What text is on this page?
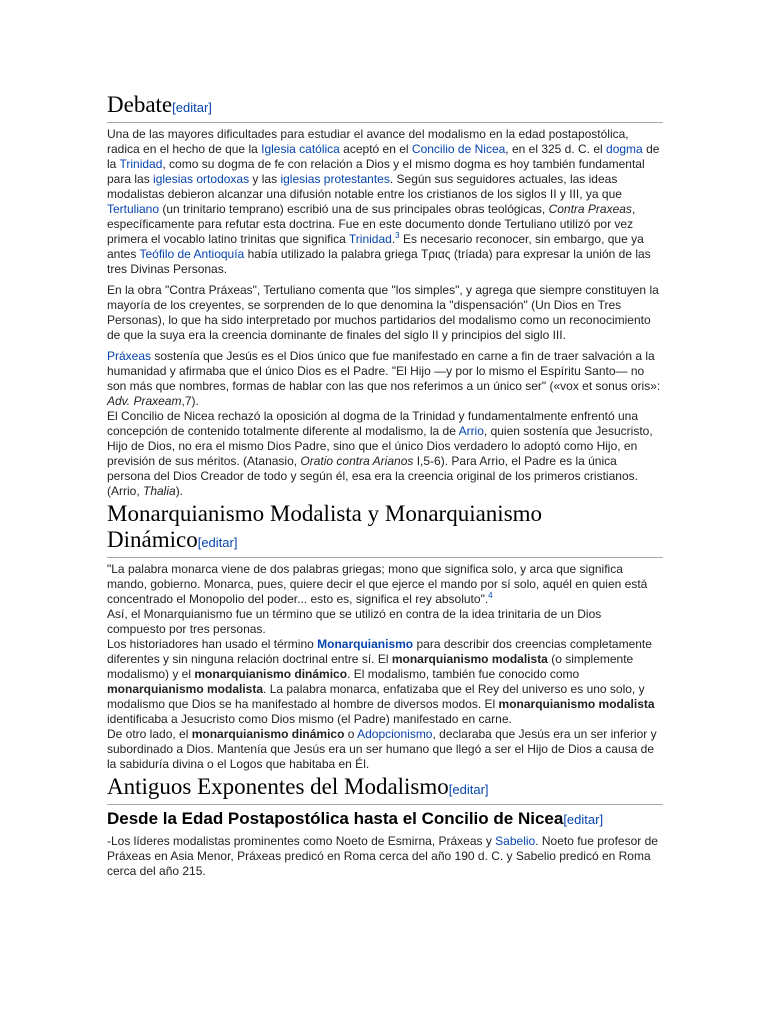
Debate[editar]

Una de las mayores dificultades para estudiar el avance del modalismo en la edad postapostólica, radica en el hecho de que la Iglesia católica aceptó en el Concilio de Nicea, en el 325 d. C. el dogma de la Trinidad, como su dogma de fe con relación a Dios y el mismo dogma es hoy también fundamental para las iglesias ortodoxas y las iglesias protestantes. Según sus seguidores actuales, las ideas modalistas debieron alcanzar una difusión notable entre los cristianos de los siglos II y III, ya que Tertuliano (un trinitario temprano) escribió una de sus principales obras teológicas, Contra Praxeas, específicamente para refutar esta doctrina. Fue en este documento donde Tertuliano utilizó por vez primera el vocablo latino trinitas que significa Trinidad.$^3$ Es necesario reconocer, sin embargo, que ya antes Teófilo de Antioquía había utilizado la palabra griega Τριας (tríada) para expresar la unión de las tres Divinas Personas.

En la obra "Contra Práxeas", Tertuliano comenta que "los simples", y agrega que siempre constituyen la mayoría de los creyentes, se sorprenden de lo que denomina la "dispensación" (Un Dios en Tres Personas), lo que ha sido interpretado por muchos partidarios del modalismo como un reconocimiento de que la suya era la creencia dominante de finales del siglo II y principios del siglo III.

Práxeas sostenía que Jesús es el Dios único que fue manifestado en carne a fin de traer salvación a la humanidad y afirmaba que el único Dios es el Padre. "El Hijo —y por lo mismo el Espíritu Santo— no son más que nombres, formas de hablar con las que nos referimos a un único ser" («vox et sonus oris»: Adv. Praxeam,7).

El Concilio de Nicea rechazó la oposición al dogma de la Trinidad y fundamentalmente enfrentó una concepción de contenido totalmente diferente al modalismo, la de Arrio, quien sostenía que Jesucristo, Hijo de Dios, no era el mismo Dios Padre, sino que el único Dios verdadero lo adoptó como Hijo, en previsión de sus méritos. (Atanasio, Oratio contra Arianos I,5-6). Para Arrio, el Padre es la única persona del Dios Creador de todo y según él, esa era la creencia original de los primeros cristianos.(Arrio, Thalia).

Monarquianismo Modalista y Monarquianismo Dinámico[editar]

"La palabra monarca viene de dos palabras griegas; mono que significa solo, y arca que significa mando, gobierno. Monarca, pues, quiere decir el que ejerce el mando por sí solo, aquél en quien está concentrado el Monopolio del poder... esto es, significa el rey absoluto".$^4$

Así, el Monarquianismo fue un término que se utilizó en contra de la idea trinitaria de un Dios compuesto por tres personas.

Los historiadores han usado el término Monarquianismo para describir dos creencias completamente diferentes y sin ninguna relación doctrinal entre sí. El monarquianismo modalista (o simplemente modalismo) y el monarquianismo dinámico. El modalismo, también fue conocido como monarquianismo modalista. La palabra monarca, enfatizaba que el Rey del universo es uno solo, y modalismo que Dios se ha manifestado al hombre de diversos modos. El monarquianismo modalista identificaba a Jesucristo como Dios mismo (el Padre) manifestado en carne.

De otro lado, el monarquianismo dinámico o Adopcionismo, declaraba que Jesús era un ser inferior y subordinado a Dios. Mantenía que Jesús era un ser humano que llegó a ser el Hijo de Dios a causa de la sabiduría divina o el Logos que habitaba en Él.

Antiguos Exponentes del Modalismo[editar]
Desde la Edad Postapostólica hasta el Concilio de Nicea[editar]

-Los líderes modalistas prominentes como Noeto de Esmirna, Práxeas y Sabelio. Noeto fue profesor de Práxeas en Asia Menor, Práxeas predicó en Roma cerca del año 190 d. C. y Sabelio predicó en Roma cerca del año 215.
